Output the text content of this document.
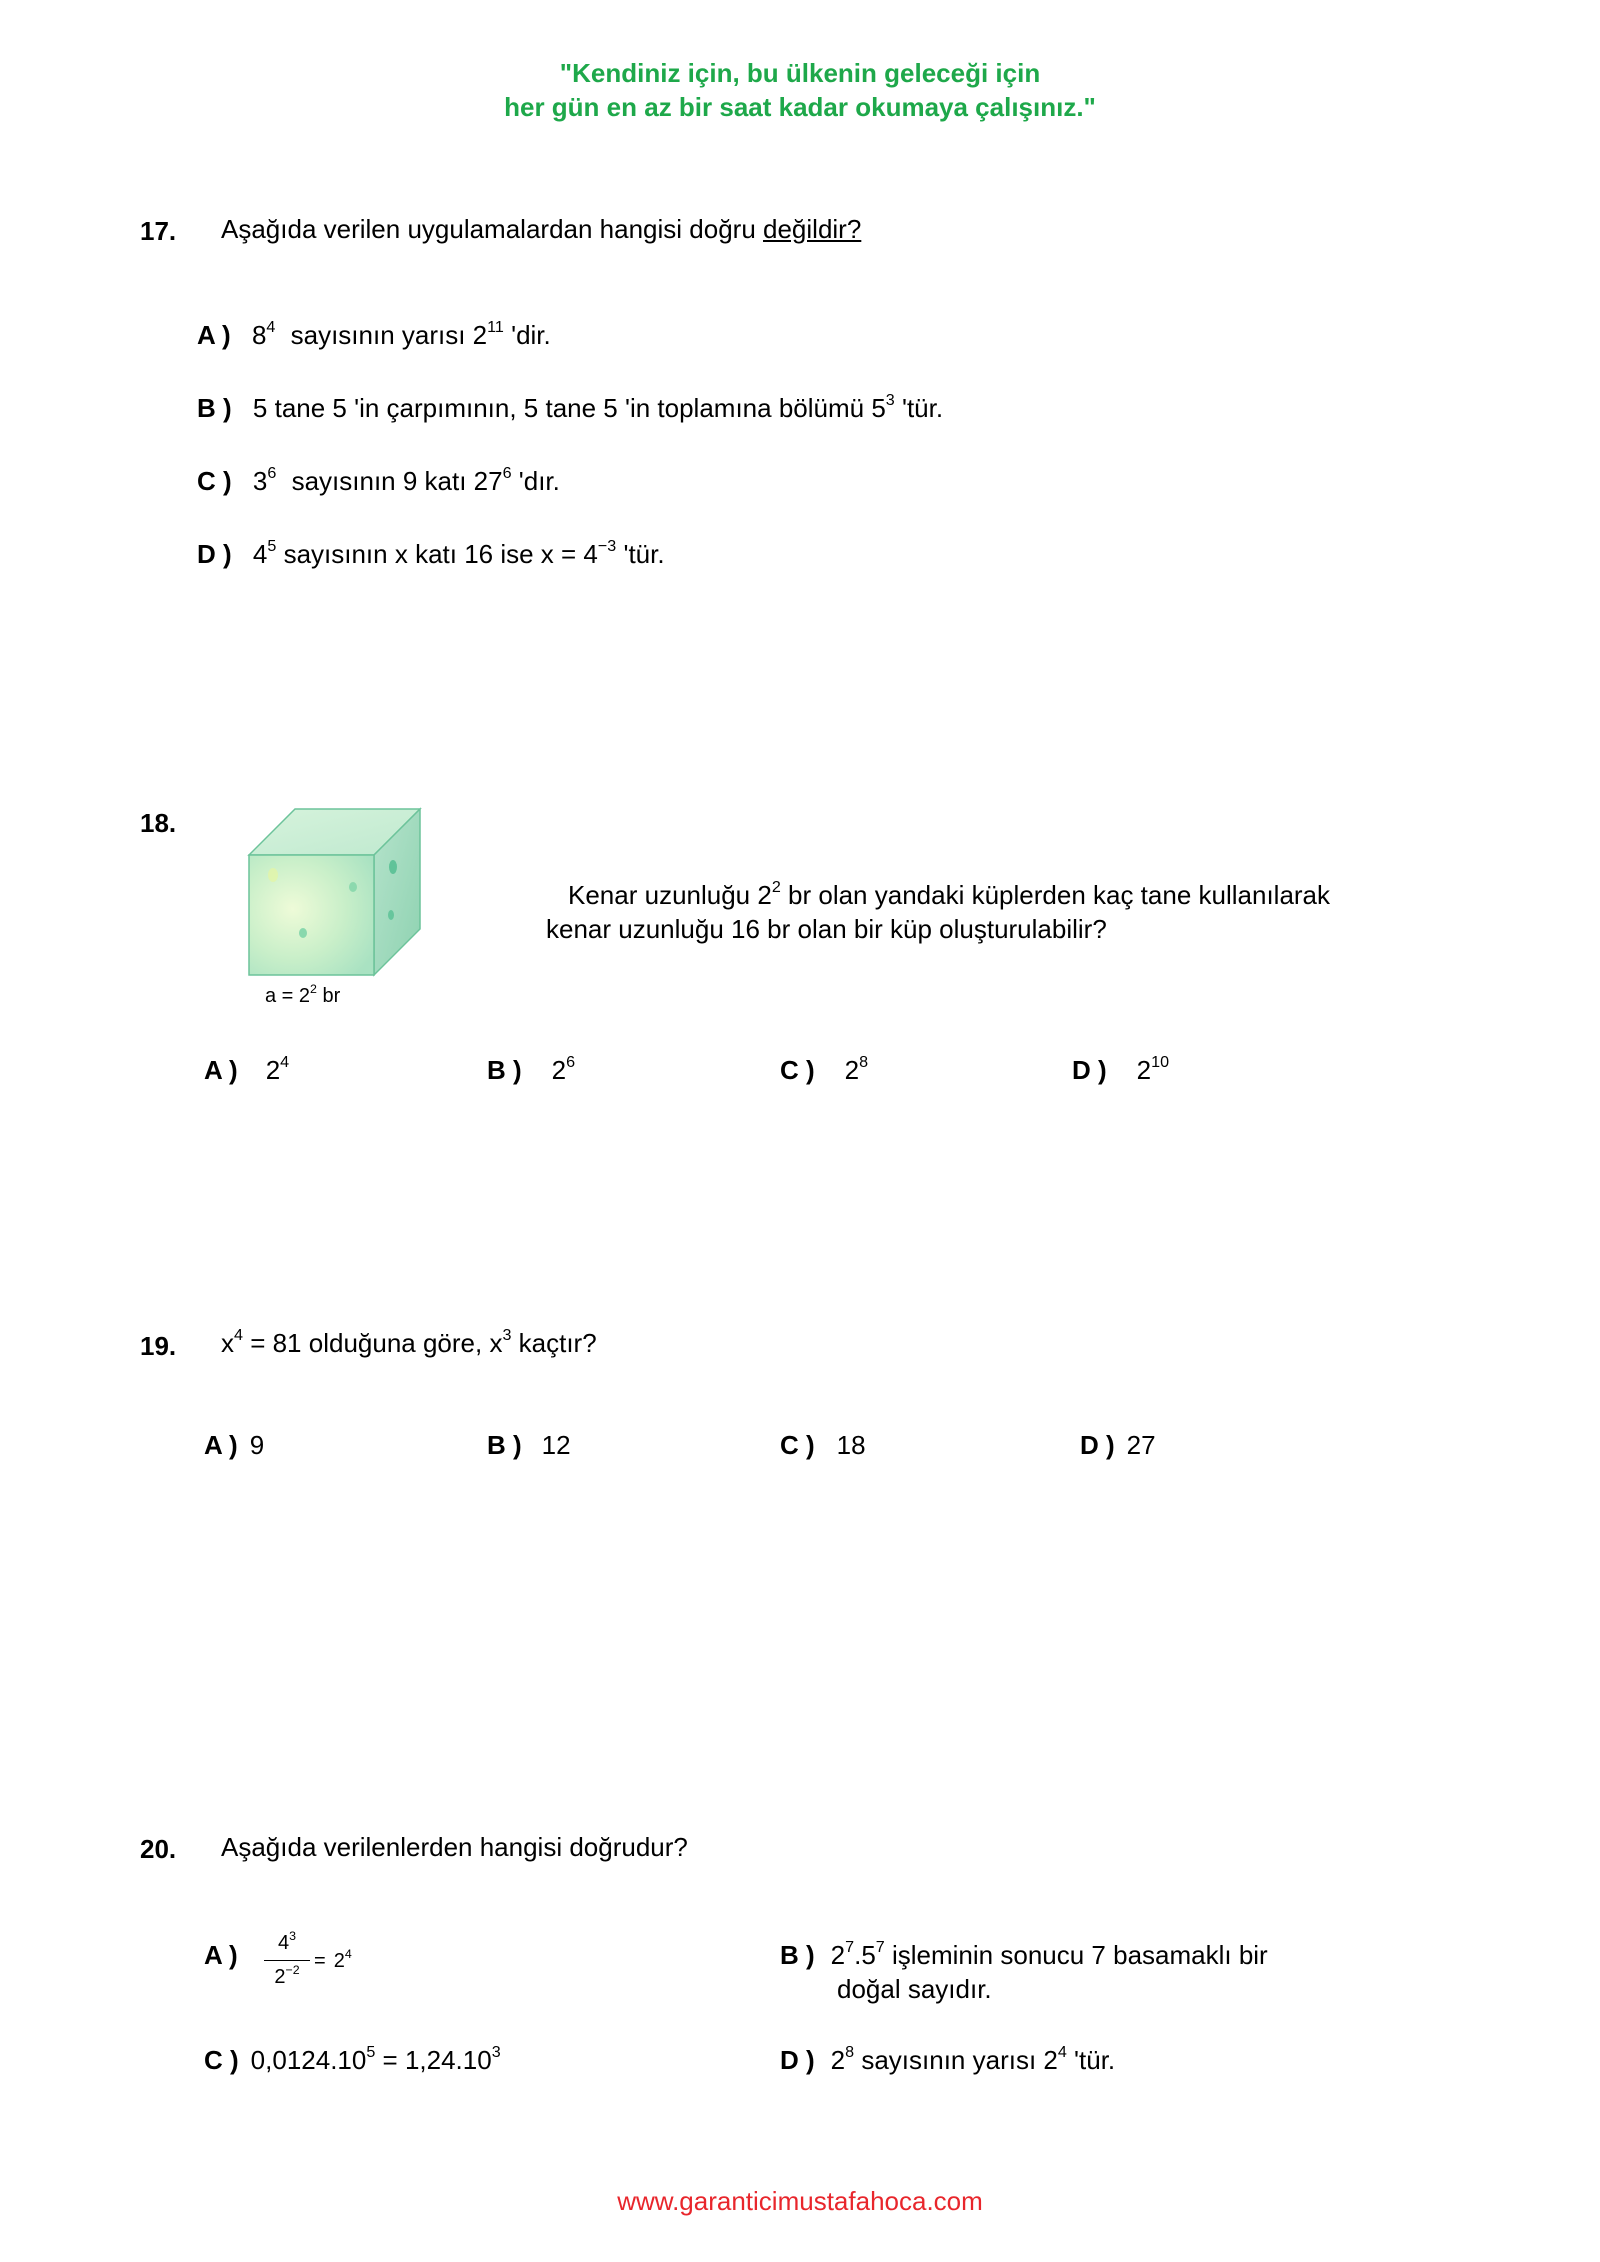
"Kendiniz için, bu ülkenin geleceği için
her gün en az bir saat kadar okumaya çalışınız."
17. Aşağıda verilen uygulamalardan hangisi doğru değildir?
A ) $8^4$ sayısının yarısı $2^{11}$ 'dir.
B ) 5 tane 5 'in çarpımının, 5 tane 5 'in toplamına bölümü $5^3$ 'tür.
C ) $3^6$ sayısının 9 katı $27^6$ 'dır.
D ) $4^5$ sayısının x katı 16 ise $x = 4^{-3}$ 'tür.
18.
$a = 2^2$ br
Kenar uzunluğu $2^2$ br olan yandaki küplerden kaç tane kullanılarak
kenar uzunluğu 16 br olan bir küp oluşturulabilir?
A ) $2^4$	B ) $2^6$	C ) $2^8$	D ) $2^{10}$
19. $x^4 = 81$ olduğuna göre, $x^3$ kaçtır?
A ) 9	B ) 12	C ) 18	D ) 27
20. Aşağıda verilenlerden hangisi doğrudur?
A )	$4^3$
$2^{-2} = 2^4$	B ) $2^7.5^7$ işleminin sonucu 7 basamaklı bir
doğal sayıdır.
C ) $0,0124.10^5 = 1,24.10^3$	D ) $2^8$ sayısının yarısı $2^4$ 'tür.
www.garanticimustafahoca.com
